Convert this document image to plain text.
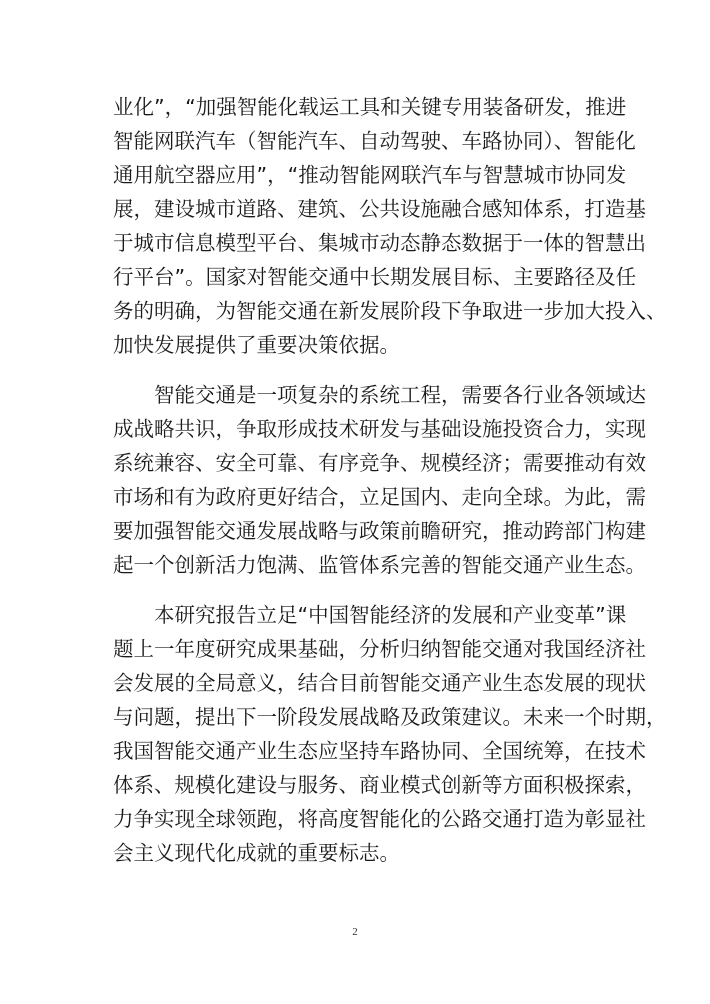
业化”，“加强智能化载运工具和关键专用装备研发，推进
智能网联汽车（智能汽车、自动驾驶、车路协同）、智能化
通用航空器应用”，“推动智能网联汽车与智慧城市协同发
展，建设城市道路、建筑、公共设施融合感知体系，打造基
于城市信息模型平台、集城市动态静态数据于一体的智慧出
行平台”。国家对智能交通中长期发展目标、主要路径及任
务的明确，为智能交通在新发展阶段下争取进一步加大投入、
加快发展提供了重要决策依据。
　　智能交通是一项复杂的系统工程，需要各行业各领域达
成战略共识，争取形成技术研发与基础设施投资合力，实现
系统兼容、安全可靠、有序竞争、规模经济；需要推动有效
市场和有为政府更好结合，立足国内、走向全球。为此，需
要加强智能交通发展战略与政策前瞻研究，推动跨部门构建
起一个创新活力饱满、监管体系完善的智能交通产业生态。
　　本研究报告立足“中国智能经济的发展和产业变革”课
题上一年度研究成果基础，分析归纳智能交通对我国经济社
会发展的全局意义，结合目前智能交通产业生态发展的现状
与问题，提出下一阶段发展战略及政策建议。未来一个时期，
我国智能交通产业生态应坚持车路协同、全国统筹，在技术
体系、规模化建设与服务、商业模式创新等方面积极探索，
力争实现全球领跑，将高度智能化的公路交通打造为彰显社
会主义现代化成就的重要标志。
2
